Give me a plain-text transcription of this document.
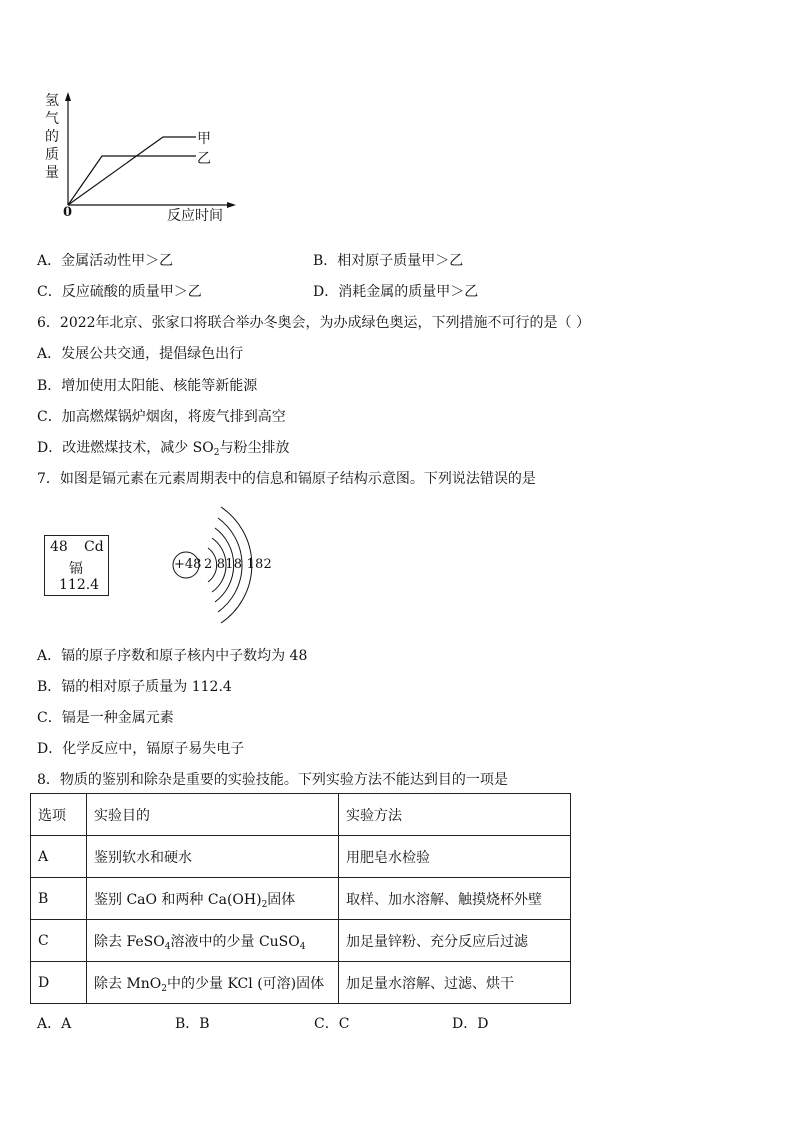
氢
气
的
质
量
0	反应时间
甲
乙
A．金属活动性甲＞乙	B．相对原子质量甲＞乙
C．反应硫酸的质量甲＞乙	D．消耗金属的质量甲＞乙
6．2022年北京、张家口将联合举办冬奥会，为办成绿色奥运，下列措施不可行的是（ ）
A．发展公共交通，提倡绿色出行
B．增加使用太阳能、核能等新能源
C．加高燃煤锅炉烟囱，将废气排到高空
D．改进燃煤技术，减少 $SO_2$与粉尘排放
7．如图是镉元素在元素周期表中的信息和镉原子结构示意图。下列说法错误的是
48 Cd
镉
112.4
+48 2 818 182
A．镉的原子序数和原子核内中子数均为 48
B．镉的相对原子质量为 112.4
C．镉是一种金属元素
D．化学反应中，镉原子易失电子
8．物质的鉴别和除杂是重要的实验技能。下列实验方法不能达到目的一项是
选项	实验目的	实验方法
A	鉴别软水和硬水	用肥皂水检验
B	鉴别 CaO 和两种 $Ca(OH)_2$固体	取样、加水溶解、触摸烧杯外壁
C	除去 FeSO$_4$溶液中的少量 CuSO$_4$	加足量锌粉、充分反应后过滤
D	除去 MnO$_2$中的少量 KCl (可溶)固体	加足量水溶解、过滤、烘干
A．A	B．B	C．C	D．D
